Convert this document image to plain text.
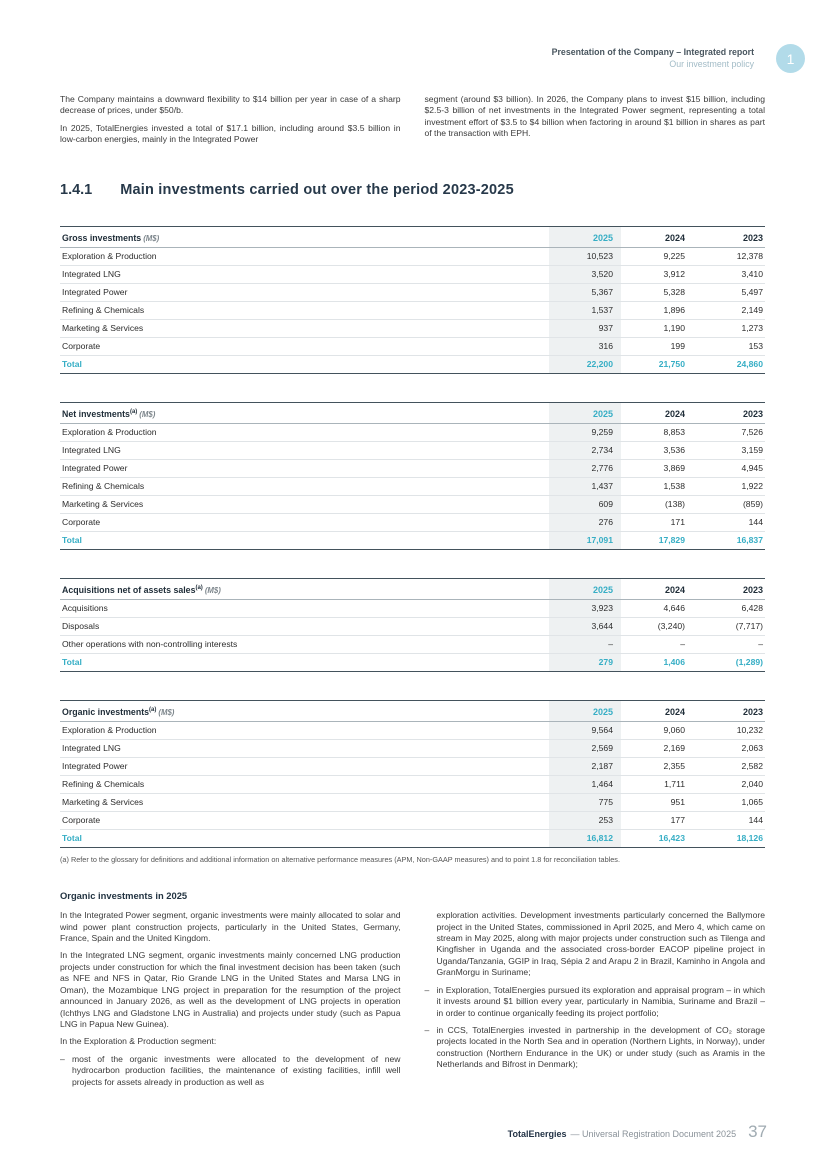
Presentation of the Company – Integrated report
Our investment policy	1

The Company maintains a downward flexibility to $14 billion per year in case of a sharp decrease of prices, under $50/b.

In 2025, TotalEnergies invested a total of $17.1 billion, including around $3.5 billion in low-carbon energies, mainly in the Integrated Power

segment (around $3 billion). In 2026, the Company plans to invest $15 billion, including $2.5-3 billion of net investments in the Integrated Power segment, representing a total investment effort of $3.5 to $4 billion when factoring in around $1 billion in shares as part of the transaction with EPH.

1.4.1 Main investments carried out over the period 2023-2025
Gross investments (M$)	2025	2024	2023
Exploration & Production	10,523	9,225	12,378
Integrated LNG	3,520	3,912	3,410
Integrated Power	5,367	5,328	5,497
Refining & Chemicals	1,537	1,896	2,149
Marketing & Services	937	1,190	1,273
Corporate	316	199	153
Total	22,200	21,750	24,860
Net investments$^{(a)}$ (M$)	2025	2024	2023
Exploration & Production	9,259	8,853	7,526
Integrated LNG	2,734	3,536	3,159
Integrated Power	2,776	3,869	4,945
Refining & Chemicals	1,437	1,538	1,922
Marketing & Services	609	(138)	(859)
Corporate	276	171	144
Total	17,091	17,829	16,837
Acquisitions net of assets sales$^{(a)}$ (M$)	2025	2024	2023
Acquisitions	3,923	4,646	6,428
Disposals	3,644	(3,240)	(7,717)
Other operations with non-controlling interests	–	–	–
Total	279	1,406	(1,289)
Organic investments$^{(a)}$ (M$)	2025	2024	2023
Exploration & Production	9,564	9,060	10,232
Integrated LNG	2,569	2,169	2,063
Integrated Power	2,187	2,355	2,582
Refining & Chemicals	1,464	1,711	2,040
Marketing & Services	775	951	1,065
Corporate	253	177	144
Total	16,812	16,423	18,126
(a) Refer to the glossary for definitions and additional information on alternative performance measures (APM, Non-GAAP measures) and to point 1.8 for reconciliation tables.
Organic investments in 2025

In the Integrated Power segment, organic investments were mainly allocated to solar and wind power plant construction projects, particularly in the United States, Germany, France, Spain and the United Kingdom.

In the Integrated LNG segment, organic investments mainly concerned LNG production projects under construction for which the final investment decision has been taken (such as NFE and NFS in Qatar, Rio Grande LNG in the United States and Marsa LNG in Oman), the Mozambique LNG project in preparation for the resumption of the project announced in January 2026, as well as the development of LNG projects in operation (Ichthys LNG and Gladstone LNG in Australia) and projects under study (such as Papua LNG in Papua New Guinea).

In the Exploration & Production segment:

– most of the organic investments were allocated to the development of new hydrocarbon production facilities, the maintenance of existing facilities, infill well projects for assets already in production as well as

exploration activities. Development investments particularly concerned the Ballymore project in the United States, commissioned in April 2025, and Mero 4, which came on stream in May 2025, along with major projects under construction such as Tilenga and Kingfisher in Uganda and the associated cross-border EACOP pipeline project in Uganda/Tanzania, GGIP in Iraq, Sépia 2 and Arapu 2 in Brazil, Kaminho in Angola and GranMorgu in Suriname;

– in Exploration, TotalEnergies pursued its exploration and appraisal program – in which it invests around $1 billion every year, particularly in Namibia, Suriname and Brazil – in order to continue organically feeding its project portfolio;
– in CCS, TotalEnergies invested in partnership in the development of CO₂ storage projects located in the North Sea and in operation (Northern Lights, in Norway), under construction (Northern Endurance in the UK) or under study (such as Aramis in the Netherlands and Bifrost in Denmark);
TotalEnergies — Universal Registration Document 2025 37
